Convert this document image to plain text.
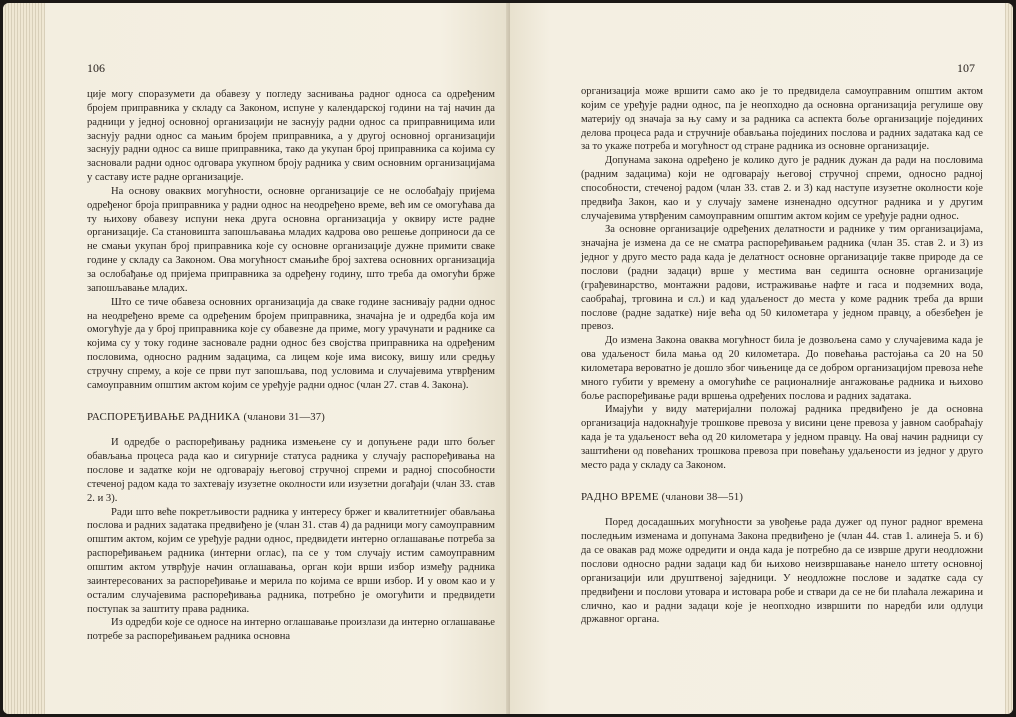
106

ције могу споразумети да обавезу у погледу заснивања радног односа са одређеним бројем приправника у складу са Законом, испуне у календарској години на тај начин да радници у једној основној организацији не заснују радни однос са приправницима или заснују радни однос са мањим бројем приправника, а у другој основној организацији заснују радни однос са више приправника, тако да укупан број приправника са којима су засновали радни однос одговара укупном броју радника у свим основним организацијама у саставу исте радне организације.

На основу оваквих могућности, основне организације се не ослобађају пријема одређеног броја приправника у радни однос на неодређено време, већ им се омогућава да ту њихову обавезу испуни нека друга основна организација у оквиру исте радне организације. Са становишта запошљавања младих кадрова ово решење доприноси да се не смањи укупан број приправника које су основне организације дужне примити сваке године у складу са Законом. Ова могућност смањиће број захтева основних организација за ослобађање од пријема приправника за одређену годину, што треба да омогући брже запошљавање младих.

Што се тиче обавеза основних организација да сваке године заснивају радни однос на неодређено време са одређеним бројем приправника, значајна је и одредба која им омогућује да у број приправника које су обавезне да приме, могу урачунати и раднике са којима су у току године засновале радни однос без својства приправника на одређеним пословима, односно радним задацима, са лицем које има високу, вишу или средњу стручну спрему, а које се први пут запошљава, под условима и случајевима утврђеним самоуправним општим актом којим се уређује радни однос (члан 27. став 4. Закона).

РАСПОРЕЂИВАЊЕ РАДНИКА (чланови 31—37)

И одредбе о распоређивању радника измењене су и допуњене ради што бољег обављања процеса рада као и сигурније статуса радника у случају распоређивања на послове и задатке који не одговарају његовој стручној спреми и радној способности стеченој радом када то захтевају изузетне околности или изузетни догађаји (члан 33. став 2. и 3).

Ради што веће покретљивости радника у интересу бржег и квалитетнијег обављања послова и радних задатака предвиђено је (члан 31. став 4) да радници могу самоуправним општим актом, којим се уређује радни однос, предвидети интерно оглашавање потреба за распоређивањем радника (интерни оглас), па се у том случају истим самоуправним општим актом утврђује начин оглашавања, орган који врши избор између радника заинтересованих за распоређивање и мерила по којима се врши избор. И у овом као и у осталим случајевима распоређивања радника, потребно је омогућити и предвидети поступак за заштиту права радника.

Из одредби које се односе на интерно оглашавање произлази да интерно оглашавање потребе за распоређивањем радника основна

107

организација може вршити само ако је то предвидела самоуправним општим актом којим се уређује радни однос, па је неопходно да основна организација регулише ову материју од значаја за њу саму и за радника са аспекта боље организације појединих делова процеса рада и стручније обављања појединих послова и радних задатака кад се за то укаже потреба и могућност од стране радника из основне организације.

Допунама закона одређено је колико дуго је радник дужан да ради на пословима (радним задацима) који не одговарају његовој стручној спреми, односно радној способности, стеченој радом (члан 33. став 2. и 3) кад наступе изузетне околности које предвиђа Закон, као и у случају замене изненадно одсутног радника и у другим случајевима утврђеним самоуправним општим актом којим се уређује радни однос.

За основне организације одређених делатности и раднике у тим организацијама, значајна је измена да се не сматра распоређивањем радника (члан 35. став 2. и 3) из једног у друго место рада када је делатност основне организације такве природе да се послови (радни задаци) врше у местима ван седишта основне организације (грађевинарство, монтажни радови, истраживање нафте и гаса и подземних вода, саобраћај, трговина и сл.) и кад удаљеност до места у коме радник треба да врши послове (радне задатке) није већа од 50 километара у једном правцу, а обезбеђен је превоз.

До измена Закона оваква могућност била је дозвољена само у случајевима када је ова удаљеност била мања од 20 километара. До повећања растојања са 20 на 50 километара вероватно је дошло због чињенице да се добром организацијом превоза неће много губити у времену а омогућиће се рационалније ангажовање радника и њихово боље распоређивање ради вршења одређених послова и радних задатака.

Имајући у виду материјални положај радника предвиђено је да основна организација надокнађује трошкове превоза у висини цене превоза у јавном саобраћају када је та удаљеност већа од 20 километара у једном правцу. На овај начин радници су заштићени од повећаних трошкова превоза при повећању удаљености из једног у друго место рада у складу са Законом.

РАДНО ВРЕМЕ (чланови 38—51)

Поред досадашњих могућности за увођење рада дужег од пуног радног времена последњим изменама и допунама Закона предвиђено је (члан 44. став 1. алинеја 5. и 6) да се овакав рад може одредити и онда када је потребно да се изврше други неодложни послови односно радни задаци кад би њихово неизвршавање нанело штету основној организацији или друштвеној заједници. У неодложне послове и задатке сада су предвиђени и послови утовара и истовара робе и ствари да се не би плаћала лежарина и слично, као и радни задаци које је неопходно извршити по наредби или одлуци државног органа.
